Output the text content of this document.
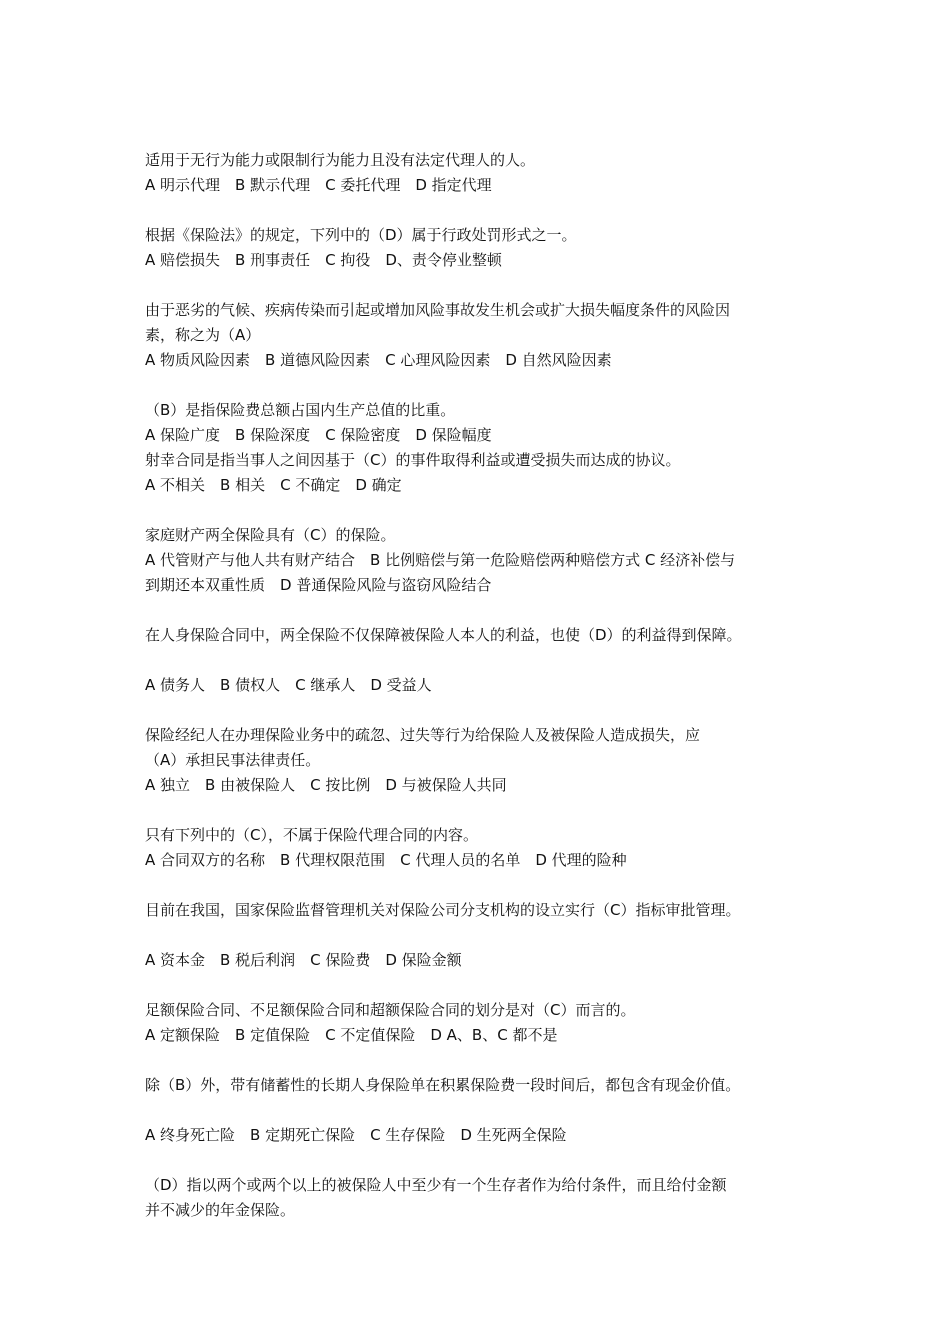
适用于无行为能力或限制行为能力且没有法定代理人的人。
A 明示代理　B 默示代理　C 委托代理　D 指定代理
根据《保险法》的规定，下列中的（D）属于行政处罚形式之一。
A 赔偿损失　B 刑事责任　C 拘役　D、责令停业整顿
由于恶劣的气候、疾病传染而引起或增加风险事故发生机会或扩大损失幅度条件的风险因
素，称之为（A）
A 物质风险因素　B 道德风险因素　C 心理风险因素　D 自然风险因素
（B）是指保险费总额占国内生产总值的比重。
A 保险广度　B 保险深度　C 保险密度　D 保险幅度
射幸合同是指当事人之间因基于（C）的事件取得利益或遭受损失而达成的协议。
A 不相关　B 相关　C 不确定　D 确定
家庭财产两全保险具有（C）的保险。
A 代管财产与他人共有财产结合　B 比例赔偿与第一危险赔偿两种赔偿方式 C 经济补偿与
到期还本双重性质　D 普通保险风险与盗窃风险结合
在人身保险合同中，两全保险不仅保障被保险人本人的利益，也使（D）的利益得到保障。
A 债务人　B 债权人　C 继承人　D 受益人
保险经纪人在办理保险业务中的疏忽、过失等行为给保险人及被保险人造成损失，应
（A）承担民事法律责任。
A 独立　B 由被保险人　C 按比例　D 与被保险人共同
只有下列中的（C），不属于保险代理合同的内容。
A 合同双方的名称　B 代理权限范围　C 代理人员的名单　D 代理的险种
目前在我国，国家保险监督管理机关对保险公司分支机构的设立实行（C）指标审批管理。
A 资本金　B 税后利润　C 保险费　D 保险金额
足额保险合同、不足额保险合同和超额保险合同的划分是对（C）而言的。
A 定额保险　B 定值保险　C 不定值保险　D A、B、C 都不是
除（B）外，带有储蓄性的长期人身保险单在积累保险费一段时间后，都包含有现金价值。
A 终身死亡险　B 定期死亡保险　C 生存保险　D 生死两全保险
（D）指以两个或两个以上的被保险人中至少有一个生存者作为给付条件，而且给付金额
并不减少的年金保险。
